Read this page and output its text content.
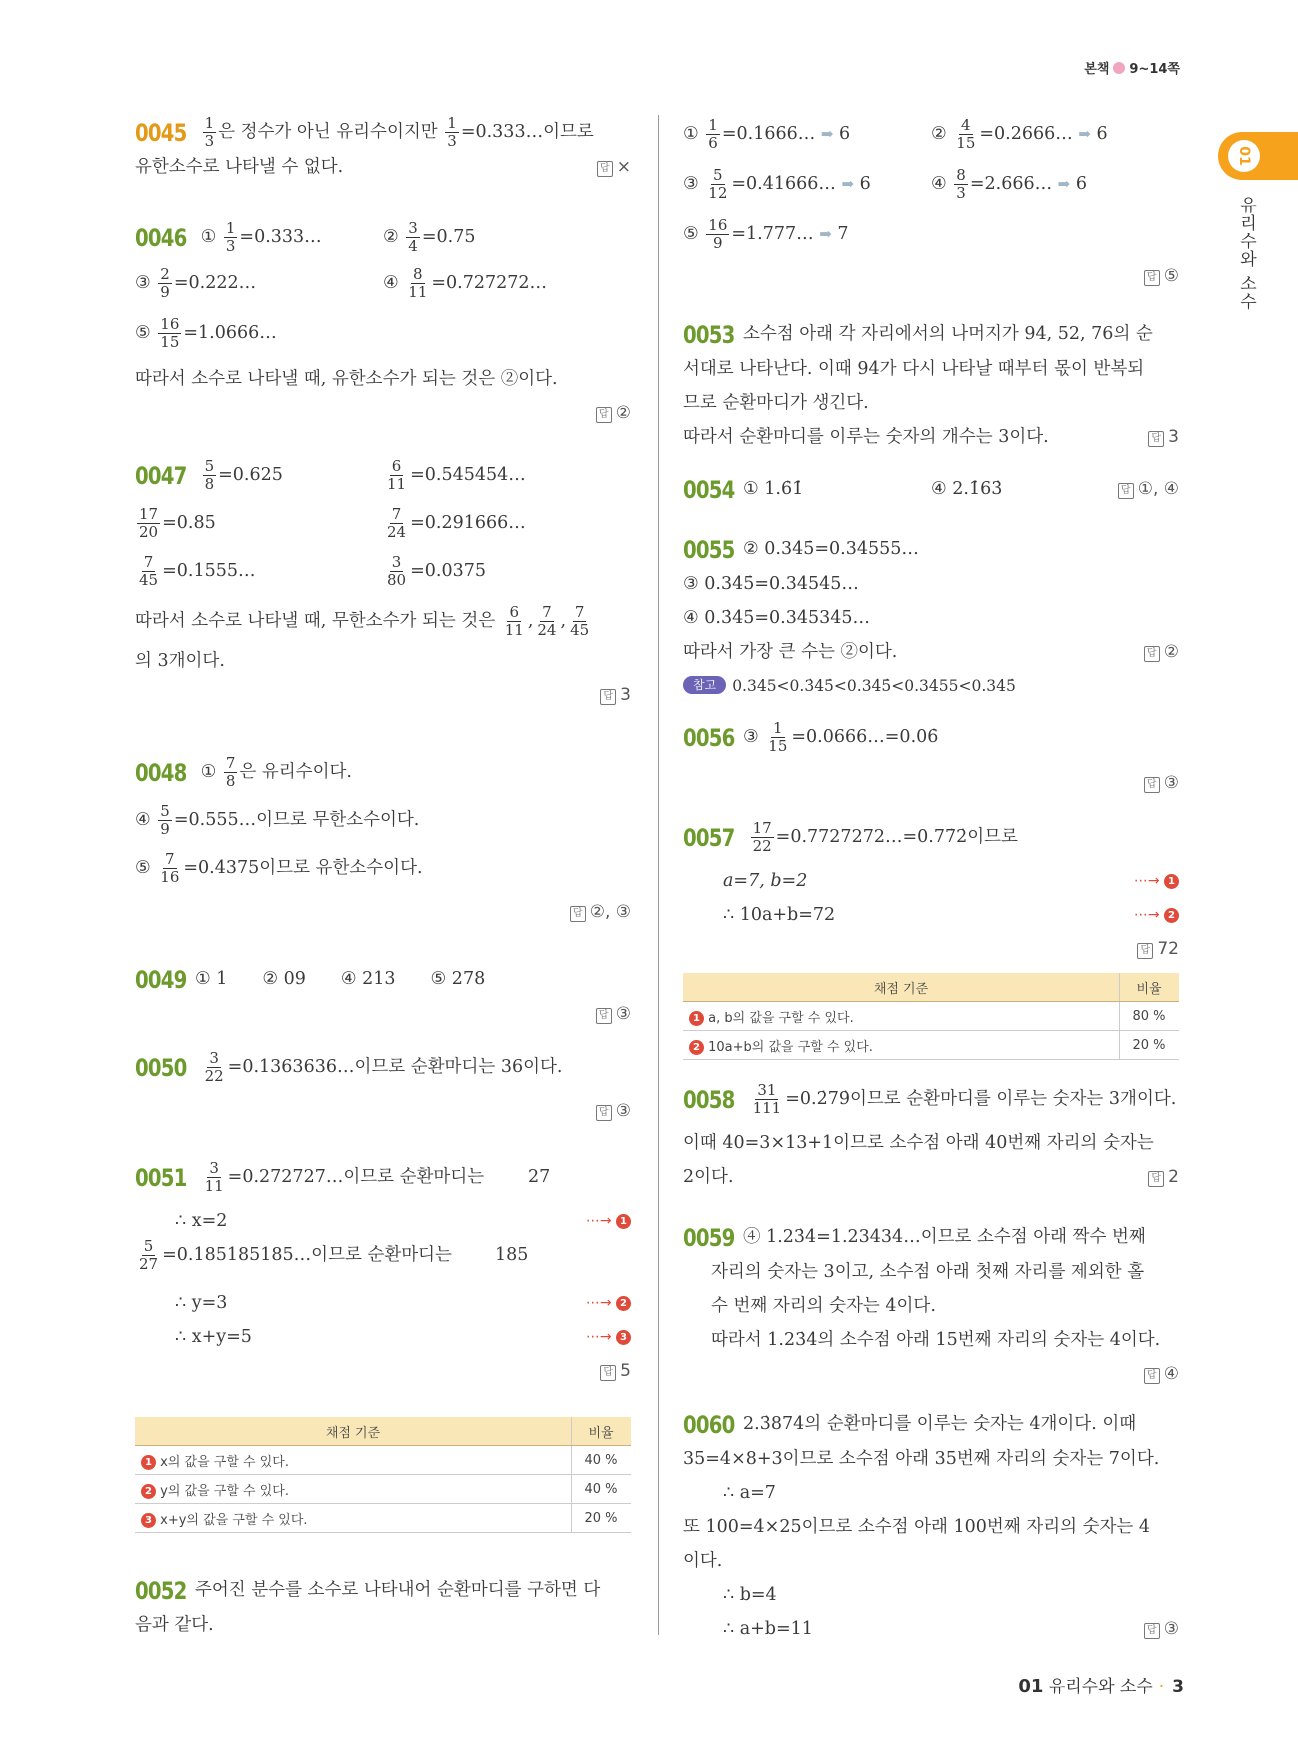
본책 9~14쪽
01
유리수와 소수
$0045 \frac{1}{3}$ 은 정수가 아닌 유리수이지만 $\frac{1}{3}$ =0.333…이므로
유한소수로 나타낼 수 없다.	답 ×
0046 ① $\frac{1}{3}$ =0.333…	② $\frac{3}{4} =0.75$
③ $\frac{2}{9}$ =0.222…	④ $\frac{8}{11}$ =0.727272…
⑤ $\frac{16}{15}$ =1.0666…
따라서 소수로 나타낼 때, 유한소수가 되는 것은 ②이다.
답 ②
$0047 \frac{5}{8} =0.625$	$\frac{6}{11}$ =0.545454…
$\frac{17}{20} =0.85$	$\frac{7}{24}$ =0.291666…
$\frac{7}{45}$ =0.1555…	$\frac{3}{80} =0.0375$
따라서 소수로 나타낼 때, 무한소수가 되는 것은 $\frac{6}{11}$ , $\frac{7}{24}$ , $\frac{7}{45}$
의 3개이다.
답 3
0048 ① $\frac{7}{8}$ 은 유리수이다.
④ $\frac{5}{9}$ =0.555…이므로 무한소수이다.
⑤ $\frac{7}{16} =0.4375$이므로 유한소수이다.
답 ②, ③
0049 ① 1　　② 09　　④ 213　　⑤ 278
답 ③
$0050 \frac{3}{22}$ =0.1363636…이므로 순환마디는 36이다.
답 ③
$0051 \frac{3}{11}$ =0.272727…이므로 순환마디는	27
∴ x=2	⋯→ 1
$\frac{5}{27}$ =0.185185185…이므로 순환마디는 185
∴ y=3	⋯→ 2
∴ x+y=5	⋯→ 3
답 5
채점 기준	비율
1 x의 값을 구할 수 있다.	40 %
2 y의 값을 구할 수 있다.	40 %
3 x+y의 값을 구할 수 있다.	20 %
0052 주어진 분수를 소수로 나타내어 순환마디를 구하면 다
음과 같다.
① $\frac{1}{6}$ =0.1666… ➡ 6	② $\frac{4}{15}$ =0.2666… ➡ 6
③ $\frac{5}{12}$ =0.41666… ➡ 6	④ $\frac{8}{3}$ =2.666… ➡ 6
⑤ $\frac{16}{9}$ =1.777… ➡ 7
답 ⑤
0053 소수점 아래 각 자리에서의 나머지가 94, 52, 76의 순
서대로 나타난다. 이때 94가 다시 나타날 때부터 몫이 반복되
므로 순환마디가 생긴다.
따라서 순환마디를 이루는 숫자의 개수는 3이다.	답 3
0054 ① 1.6̇1̇	④ 2.1̇63̇	답 ①, ④
0055 ② 0.345̇=0.34555…
③ 0.34̇5̇=0.34545…
④ 0.3̇45̇=0.345345…
따라서 가장 큰 수는 ②이다.	답 ②
참고 0.345<0.3̇45̇<0.34̇5̇<0.3455<0.345̇
0056 ③ $\frac{1}{15}$ =0.0666…=0.06̇
답 ③
$0057 \frac{17}{22}$ =0.7727272…=0.77̇2̇이므로
a=7, b=2	⋯→ 1
∴ 10a+b=72	⋯→ 2
답 72
채점 기준	비율
1 a, b의 값을 구할 수 있다.	80 %
2 10a+b의 값을 구할 수 있다.	20 %
$0058 \frac{31}{111}$ =0.2̇79̇이므로 순환마디를 이루는 숫자는 3개이다.
이때 40=3×13+1이므로 소수점 아래 40번째 자리의 숫자는
2이다.	답 2
0059 ④ 1.23̇4̇=1.23434…이므로 소수점 아래 짝수 번째
자리의 숫자는 3이고, 소수점 아래 첫째 자리를 제외한 홀
수 번째 자리의 숫자는 4이다.
따라서 1.23̇4̇의 소수점 아래 15번째 자리의 숫자는 4이다.
답 ④
0060 2.3̇874̇의 순환마디를 이루는 숫자는 4개이다. 이때
35=4×8+3이므로 소수점 아래 35번째 자리의 숫자는 7이다.
∴ a=7
또 100=4×25이므로 소수점 아래 100번째 자리의 숫자는 4
이다.
∴ b=4
∴ a+b=11	답 ③
01 유리수와 소수 · 3
